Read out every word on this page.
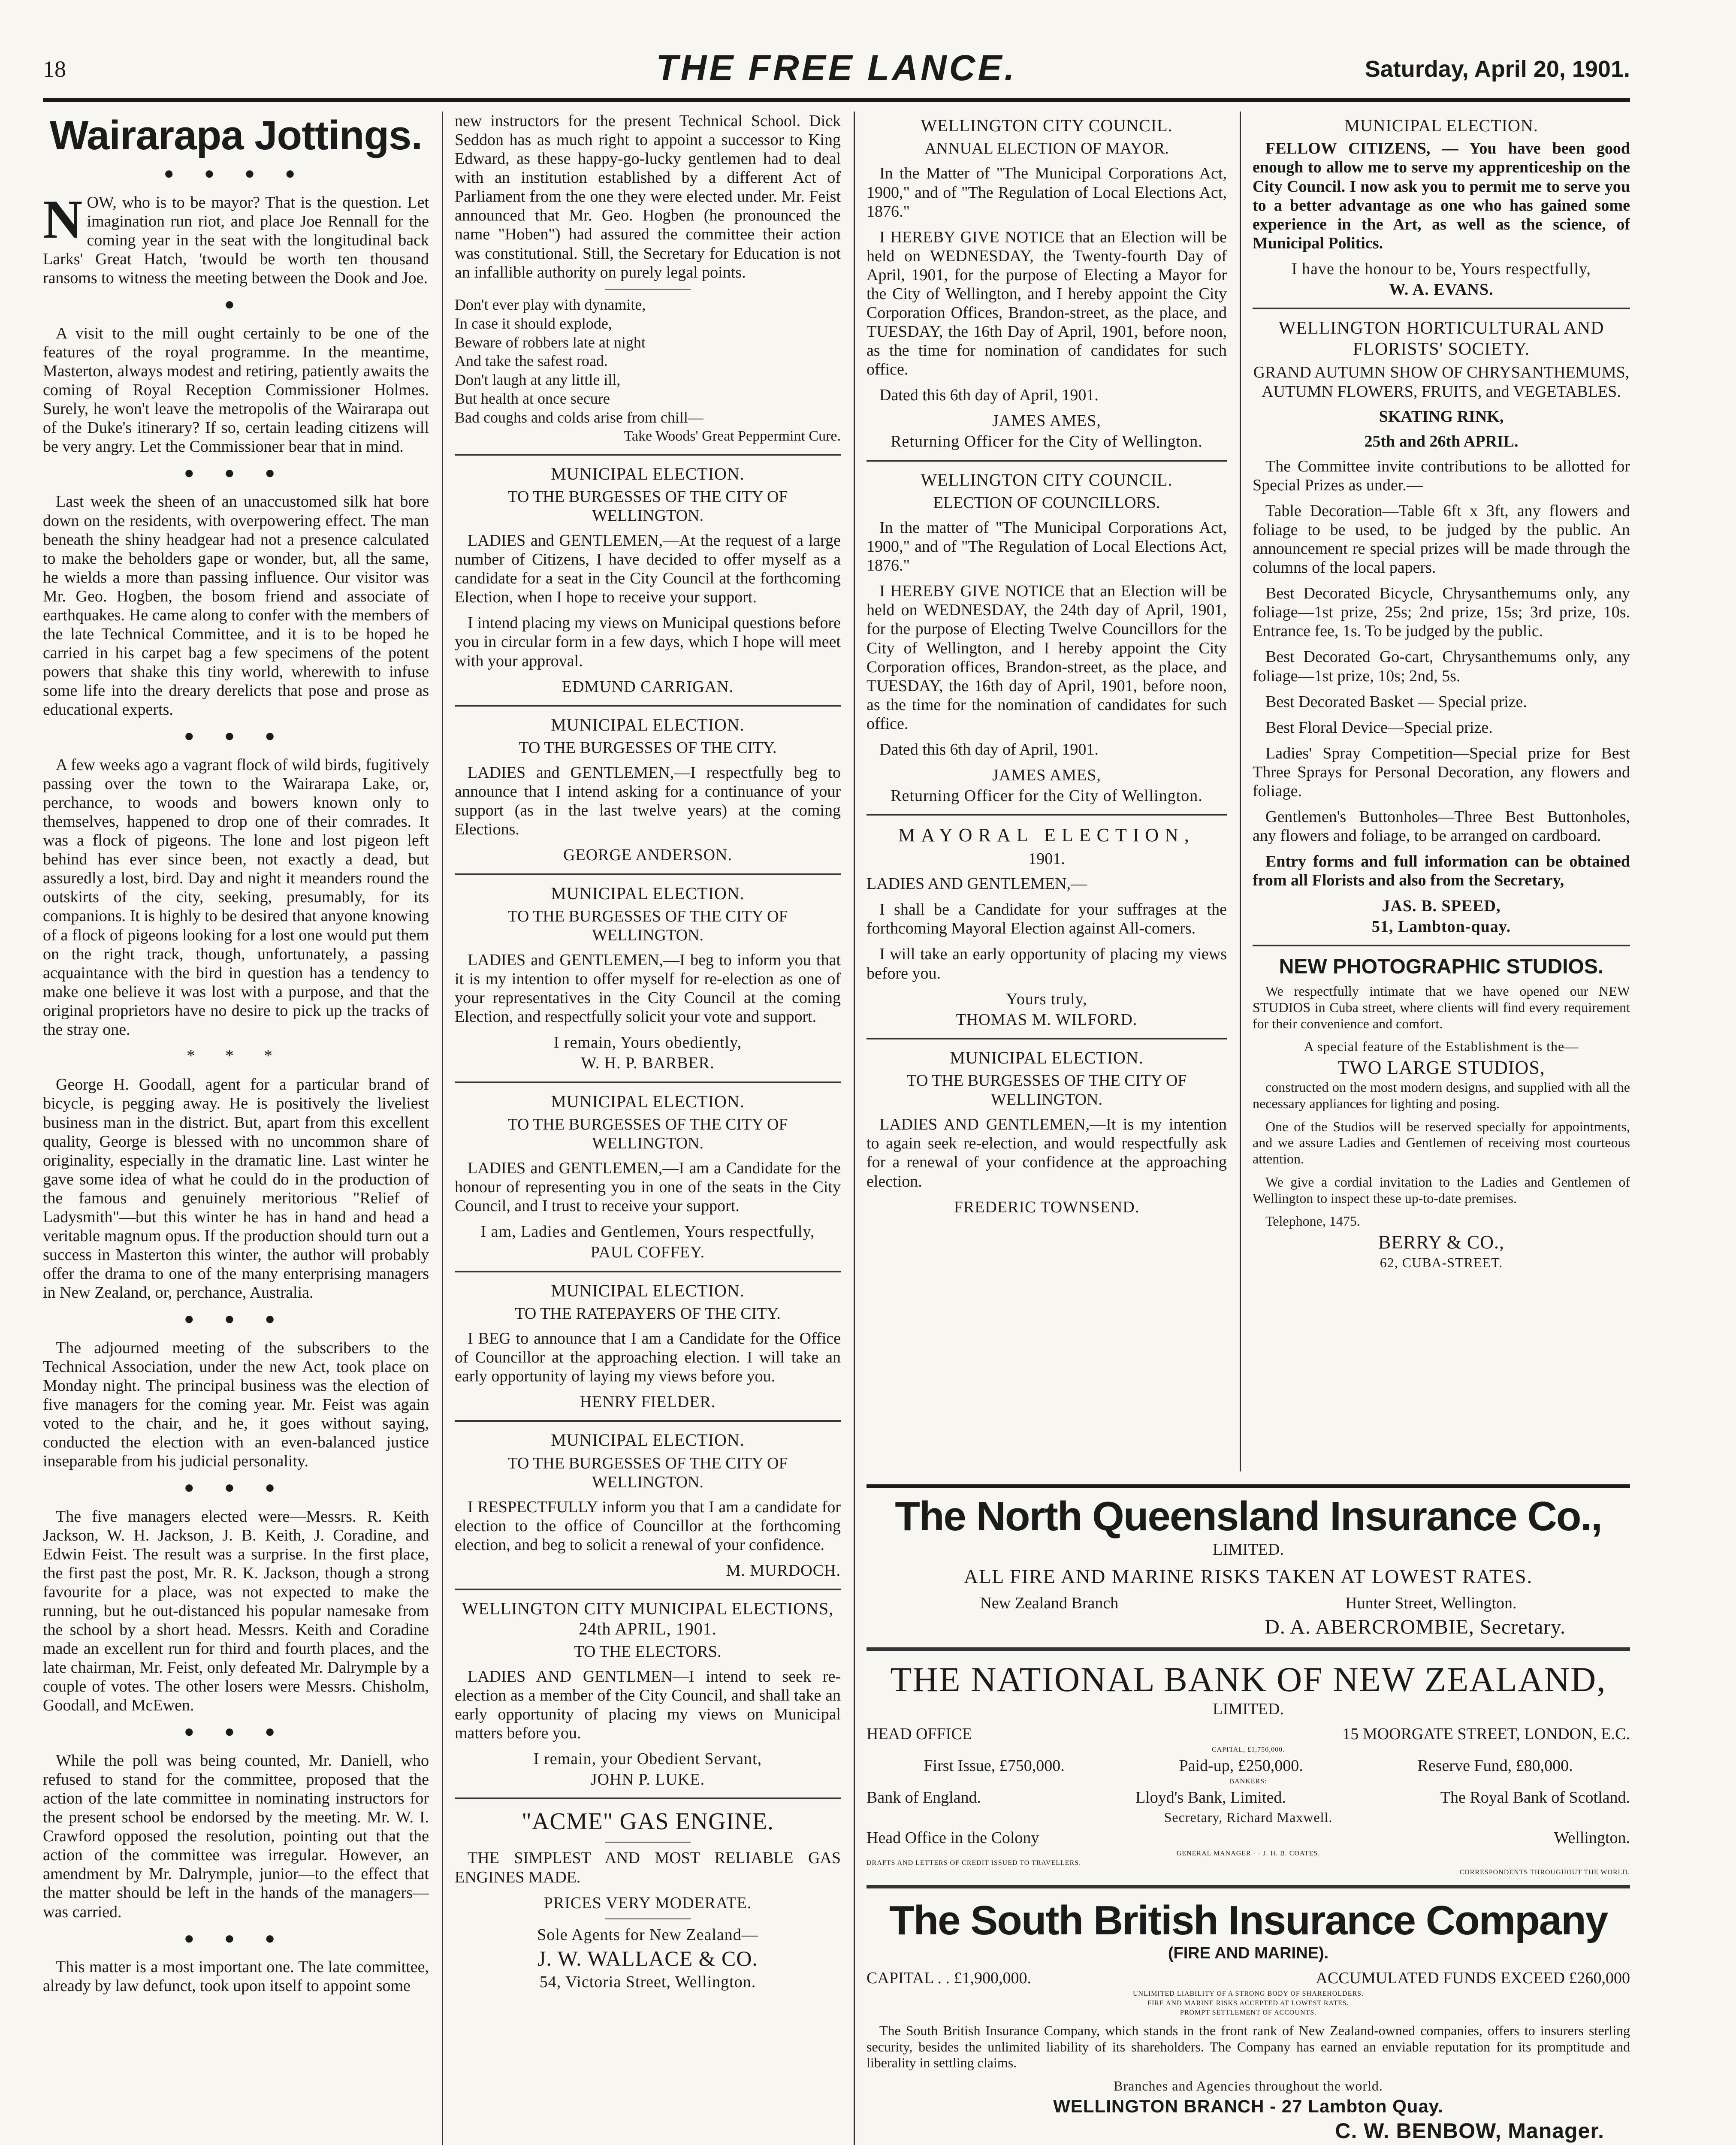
18	THE FREE LANCE.	Saturday, April 20, 1901.
Wairarapa Jottings.
● ● ● ●

NOW, who is to be mayor? That is the question. Let imagination run riot, and place Joe Rennall for the coming year in the seat with the longitudinal back Larks' Great Hatch, 'twould be worth ten thousand ransoms to witness the meeting between the Dook and Joe.

●

A visit to the mill ought certainly to be one of the features of the royal programme. In the meantime, Masterton, always modest and retiring, patiently awaits the coming of Royal Reception Commissioner Holmes. Surely, he won't leave the metropolis of the Wairarapa out of the Duke's itinerary? If so, certain leading citizens will be very angry. Let the Commissioner bear that in mind.

● ● ●

Last week the sheen of an unaccustomed silk hat bore down on the residents, with overpowering effect. The man beneath the shiny headgear had not a presence calculated to make the beholders gape or wonder, but, all the same, he wields a more than passing influence. Our visitor was Mr. Geo. Hogben, the bosom friend and associate of earthquakes. He came along to confer with the members of the late Technical Committee, and it is to be hoped he carried in his carpet bag a few specimens of the potent powers that shake this tiny world, wherewith to infuse some life into the dreary derelicts that pose and prose as educational experts.

● ● ●

A few weeks ago a vagrant flock of wild birds, fugitively passing over the town to the Wairarapa Lake, or, perchance, to woods and bowers known only to themselves, happened to drop one of their comrades. It was a flock of pigeons. The lone and lost pigeon left behind has ever since been, not exactly a dead, but assuredly a lost, bird. Day and night it meanders round the outskirts of the city, seeking, presumably, for its companions. It is highly to be desired that anyone knowing of a flock of pigeons looking for a lost one would put them on the right track, though, unfortunately, a passing acquaintance with the bird in question has a tendency to make one believe it was lost with a purpose, and that the original proprietors have no desire to pick up the tracks of the stray one.

* * *

George H. Goodall, agent for a particular brand of bicycle, is pegging away. He is positively the liveliest business man in the district. But, apart from this excellent quality, George is blessed with no uncommon share of originality, especially in the dramatic line. Last winter he gave some idea of what he could do in the production of the famous and genuinely meritorious "Relief of Ladysmith"—but this winter he has in hand and head a veritable magnum opus. If the production should turn out a success in Masterton this winter, the author will probably offer the drama to one of the many enterprising managers in New Zealand, or, perchance, Australia.

● ● ●

The adjourned meeting of the subscribers to the Technical Association, under the new Act, took place on Monday night. The principal business was the election of five managers for the coming year. Mr. Feist was again voted to the chair, and he, it goes without saying, conducted the election with an even-balanced justice inseparable from his judicial personality.

● ● ●

The five managers elected were—Messrs. R. Keith Jackson, W. H. Jackson, J. B. Keith, J. Coradine, and Edwin Feist. The result was a surprise. In the first place, the first past the post, Mr. R. K. Jackson, though a strong favourite for a place, was not expected to make the running, but he out-distanced his popular namesake from the school by a short head. Messrs. Keith and Coradine made an excellent run for third and fourth places, and the late chairman, Mr. Feist, only defeated Mr. Dalrymple by a couple of votes. The other losers were Messrs. Chisholm, Goodall, and McEwen.

● ● ●

While the poll was being counted, Mr. Daniell, who refused to stand for the committee, proposed that the action of the late committee in nominating instructors for the present school be endorsed by the meeting. Mr. W. I. Crawford opposed the resolution, pointing out that the action of the committee was irregular. However, an amendment by Mr. Dalrymple, junior—to the effect that the matter should be left in the hands of the managers—was carried.

● ● ●

This matter is a most important one. The late committee, already by law defunct, took upon itself to appoint some

new instructors for the present Technical School. Dick Seddon has as much right to appoint a successor to King Edward, as these happy-go-lucky gentlemen had to deal with an institution established by a different Act of Parliament from the one they were elected under. Mr. Feist announced that Mr. Geo. Hogben (he pronounced the name "Hoben") had assured the committee their action was constitutional. Still, the Secretary for Education is not an infallible authority on purely legal points.

Don't ever play with dynamite,
In case it should explode,
Beware of robbers late at night
And take the safest road.
Don't laugh at any little ill,
But health at once secure
Bad coughs and colds arise from chill—
Take Woods' Great Peppermint Cure.
MUNICIPAL ELECTION.
TO THE BURGESSES OF THE CITY OF WELLINGTON.

LADIES and GENTLEMEN,—At the request of a large number of Citizens, I have decided to offer myself as a candidate for a seat in the City Council at the forthcoming Election, when I hope to receive your support.

I intend placing my views on Municipal questions before you in circular form in a few days, which I hope will meet with your approval.

EDMUND CARRIGAN.
MUNICIPAL ELECTION.
TO THE BURGESSES OF THE CITY.

LADIES and GENTLEMEN,—I respectfully beg to announce that I intend asking for a continuance of your support (as in the last twelve years) at the coming Elections.

GEORGE ANDERSON.
MUNICIPAL ELECTION.
TO THE BURGESSES OF THE CITY OF WELLINGTON.

LADIES and GENTLEMEN,—I beg to inform you that it is my intention to offer myself for re-election as one of your representatives in the City Council at the coming Election, and respectfully solicit your vote and support.

I remain, Yours obediently,
W. H. P. BARBER.
MUNICIPAL ELECTION.
TO THE BURGESSES OF THE CITY OF WELLINGTON.

LADIES and GENTLEMEN,—I am a Candidate for the honour of representing you in one of the seats in the City Council, and I trust to receive your support.

I am, Ladies and Gentlemen, Yours respectfully,
PAUL COFFEY.
MUNICIPAL ELECTION.
TO THE RATEPAYERS OF THE CITY.

I BEG to announce that I am a Candidate for the Office of Councillor at the approaching election. I will take an early opportunity of laying my views before you.

HENRY FIELDER.
MUNICIPAL ELECTION.
TO THE BURGESSES OF THE CITY OF WELLINGTON.

I RESPECTFULLY inform you that I am a candidate for election to the office of Councillor at the forthcoming election, and beg to solicit a renewal of your confidence.

M. MURDOCH.
WELLINGTON CITY MUNICIPAL ELECTIONS, 24th APRIL, 1901.
TO THE ELECTORS.

LADIES AND GENTLMEN—I intend to seek re-election as a member of the City Council, and shall take an early opportunity of placing my views on Municipal matters before you.

I remain, your Obedient Servant,
JOHN P. LUKE.
"ACME" GAS ENGINE.

THE SIMPLEST AND MOST RELIABLE GAS ENGINES MADE.

PRICES VERY MODERATE.
Sole Agents for New Zealand—
J. W. WALLACE & CO.
54, Victoria Street, Wellington.
WELLINGTON CITY COUNCIL.
ANNUAL ELECTION OF MAYOR.

In the Matter of "The Municipal Corporations Act, 1900," and of "The Regulation of Local Elections Act, 1876."

I HEREBY GIVE NOTICE that an Election will be held on WEDNESDAY, the Twenty-fourth Day of April, 1901, for the purpose of Electing a Mayor for the City of Wellington, and I hereby appoint the City Corporation Offices, Brandon-street, as the place, and TUESDAY, the 16th Day of April, 1901, before noon, as the time for nomination of candidates for such office.

Dated this 6th day of April, 1901.

JAMES AMES,
Returning Officer for the City of Wellington.
WELLINGTON CITY COUNCIL.
ELECTION OF COUNCILLORS.

In the matter of "The Municipal Corporations Act, 1900," and of "The Regulation of Local Elections Act, 1876."

I HEREBY GIVE NOTICE that an Election will be held on WEDNESDAY, the 24th day of April, 1901, for the purpose of Electing Twelve Councillors for the City of Wellington, and I hereby appoint the City Corporation offices, Brandon-street, as the place, and TUESDAY, the 16th day of April, 1901, before noon, as the time for the nomination of candidates for such office.

Dated this 6th day of April, 1901.

JAMES AMES,
Returning Officer for the City of Wellington.
MAYORAL ELECTION,
1901.

LADIES AND GENTLEMEN,—

I shall be a Candidate for your suffrages at the forthcoming Mayoral Election against All-comers.

I will take an early opportunity of placing my views before you.

Yours truly,
THOMAS M. WILFORD.
MUNICIPAL ELECTION.
TO THE BURGESSES OF THE CITY OF WELLINGTON.

LADIES AND GENTLEMEN,—It is my intention to again seek re-election, and would respectfully ask for a renewal of your confidence at the approaching election.

FREDERIC TOWNSEND.
MUNICIPAL ELECTION.

FELLOW CITIZENS, — You have been good enough to allow me to serve my apprenticeship on the City Council. I now ask you to permit me to serve you to a better advantage as one who has gained some experience in the Art, as well as the science, of Municipal Politics.

I have the honour to be, Yours respectfully,
W. A. EVANS.
WELLINGTON HORTICULTURAL AND FLORISTS' SOCIETY.
GRAND AUTUMN SHOW OF CHRYSANTHEMUMS, AUTUMN FLOWERS, FRUITS, and VEGETABLES.
SKATING RINK,
25th and 26th APRIL.

The Committee invite contributions to be allotted for Special Prizes as under.—

Table Decoration—Table 6ft x 3ft, any flowers and foliage to be used, to be judged by the public. An announcement re special prizes will be made through the columns of the local papers.

Best Decorated Bicycle, Chrysanthemums only, any foliage—1st prize, 25s; 2nd prize, 15s; 3rd prize, 10s. Entrance fee, 1s. To be judged by the public.

Best Decorated Go-cart, Chrysanthemums only, any foliage—1st prize, 10s; 2nd, 5s.

Best Decorated Basket — Special prize.

Best Floral Device—Special prize.

Ladies' Spray Competition—Special prize for Best Three Sprays for Personal Decoration, any flowers and foliage.

Gentlemen's Buttonholes—Three Best Buttonholes, any flowers and foliage, to be arranged on cardboard.

Entry forms and full information can be obtained from all Florists and also from the Secretary,

JAS. B. SPEED,
51, Lambton-quay.
NEW PHOTOGRAPHIC STUDIOS.

We respectfully intimate that we have opened our NEW STUDIOS in Cuba street, where clients will find every requirement for their convenience and comfort.

A special feature of the Establishment is the—
TWO LARGE STUDIOS,

constructed on the most modern designs, and supplied with all the necessary appliances for lighting and posing.

One of the Studios will be reserved specially for appointments, and we assure Ladies and Gentlemen of receiving most courteous attention.

We give a cordial invitation to the Ladies and Gentlemen of Wellington to inspect these up-to-date premises.

Telephone, 1475.
BERRY & CO.,
62, CUBA-STREET.
The North Queensland Insurance Co.,
LIMITED.
ALL FIRE AND MARINE RISKS TAKEN AT LOWEST RATES.
New Zealand Branch	Hunter Street, Wellington.
D. A. ABERCROMBIE, Secretary.
THE NATIONAL BANK OF NEW ZEALAND,
LIMITED.
HEAD OFFICE	15 MOORGATE STREET, LONDON, E.C.
CAPITAL, £1,750,000.
First Issue, £750,000.	Paid-up, £250,000.	Reserve Fund, £80,000.
BANKERS:
Bank of England.	Lloyd's Bank, Limited.	The Royal Bank of Scotland.
Secretary, Richard Maxwell.
Head Office in the Colony	Wellington.
GENERAL MANAGER - - J. H. B. COATES.
DRAFTS AND LETTERS OF CREDIT ISSUED TO TRAVELLERS.
CORRESPONDENTS THROUGHOUT THE WORLD.
The South British Insurance Company
(FIRE AND MARINE).
CAPITAL . . £1,900,000.	ACCUMULATED FUNDS EXCEED £260,000
UNLIMITED LIABILITY OF A STRONG BODY OF SHAREHOLDERS.
FIRE AND MARINE RISKS ACCEPTED AT LOWEST RATES.
PROMPT SETTLEMENT OF ACCOUNTS.

The South British Insurance Company, which stands in the front rank of New Zealand-owned companies, offers to insurers sterling security, besides the unlimited liability of its shareholders. The Company has earned an enviable reputation for its promptitude and liberality in settling claims.

Branches and Agencies throughout the world.
WELLINGTON BRANCH - 27 Lambton Quay.
C. W. BENBOW, Manager.
